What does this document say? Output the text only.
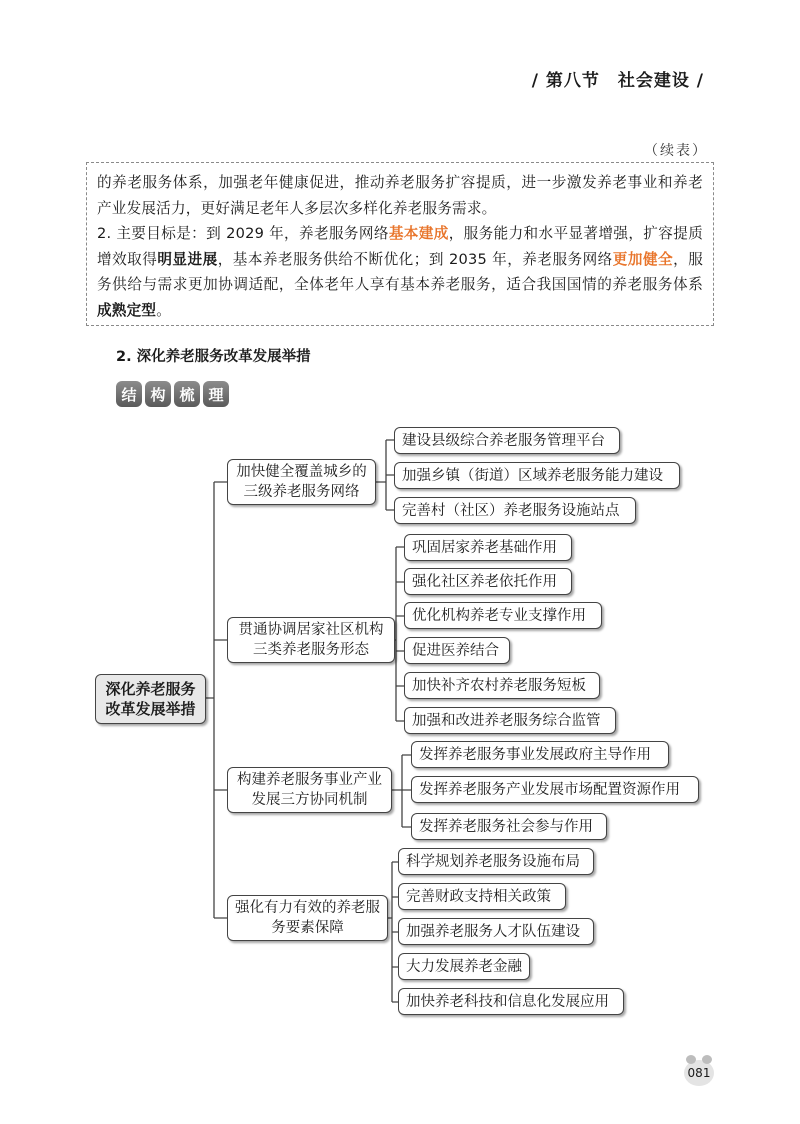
/ 第八节　社会建设 /
（续表）

的养老服务体系，加强老年健康促进，推动养老服务扩容提质，进一步激发养老事业和养老产业发展活力，更好满足老年人多层次多样化养老服务需求。

2. 主要目标是：到 2029 年，养老服务网络基本建成，服务能力和水平显著增强，扩容提质增效取得明显进展，基本养老服务供给不断优化；到 2035 年，养老服务网络更加健全，服务供给与需求更加协调适配，全体老年人享有基本养老服务，适合我国国情的养老服务体系成熟定型。

2. 深化养老服务改革发展举措
结 构 梳 理
深化养老服务改革发展举措
加快健全覆盖城乡的三级养老服务网络
贯通协调居家社区机构三类养老服务形态
构建养老服务事业产业发展三方协同机制
强化有力有效的养老服务要素保障
建设县级综合养老服务管理平台
加强乡镇（街道）区域养老服务能力建设
完善村（社区）养老服务设施站点
巩固居家养老基础作用
强化社区养老依托作用
优化机构养老专业支撑作用
促进医养结合
加快补齐农村养老服务短板
加强和改进养老服务综合监管
发挥养老服务事业发展政府主导作用
发挥养老服务产业发展市场配置资源作用
发挥养老服务社会参与作用
科学规划养老服务设施布局
完善财政支持相关政策
加强养老服务人才队伍建设
大力发展养老金融
加快养老科技和信息化发展应用
081
